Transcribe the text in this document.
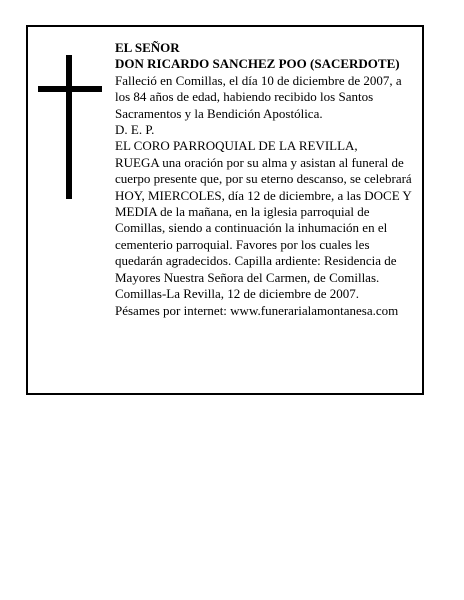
EL SEÑOR

DON RICARDO SANCHEZ POO (SACERDOTE)

Falleció en Comillas, el día 10 de diciembre de 2007, a los 84 años de edad, habiendo recibido los Santos Sacramentos y la Bendición Apostólica.

D. E. P.

EL CORO PARROQUIAL DE LA REVILLA,

RUEGA una oración por su alma y asistan al funeral de cuerpo presente que, por su eterno descanso, se celebrará HOY, MIERCOLES, día 12 de diciembre, a las DOCE Y MEDIA de la mañana, en la iglesia parroquial de Comillas, siendo a continuación la inhumación en el cementerio parroquial. Favores por los cuales les quedarán agradecidos. Capilla ardiente: Residencia de Mayores Nuestra Señora del Carmen, de Comillas.

Comillas-La Revilla, 12 de diciembre de 2007.

Pésames por internet: www.funerarialamontanesa.com
